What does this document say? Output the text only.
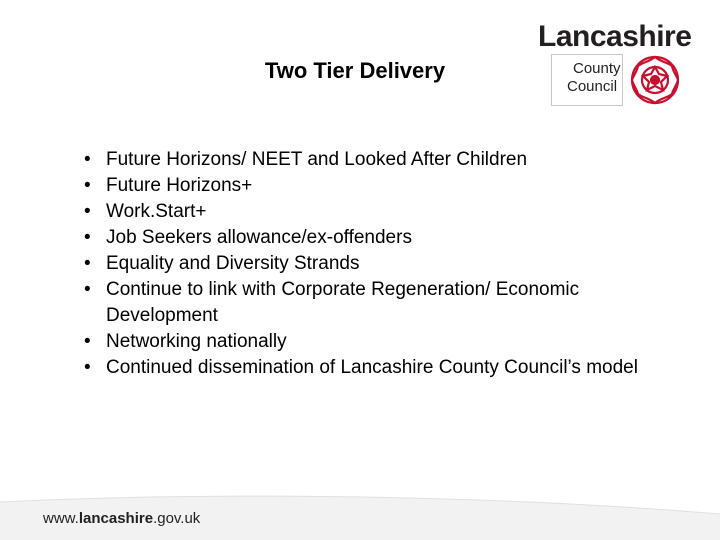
Two Tier Delivery
Lancashire
County
Council
• Future Horizons/ NEET and Looked After Children
• Future Horizons+
• Work.Start+
• Job Seekers allowance/ex-offenders
• Equality and Diversity Strands
• Continue to link with Corporate Regeneration/ Economic Development
• Networking nationally
• Continued dissemination of Lancashire County Council’s model
www.lancashire.gov.uk
